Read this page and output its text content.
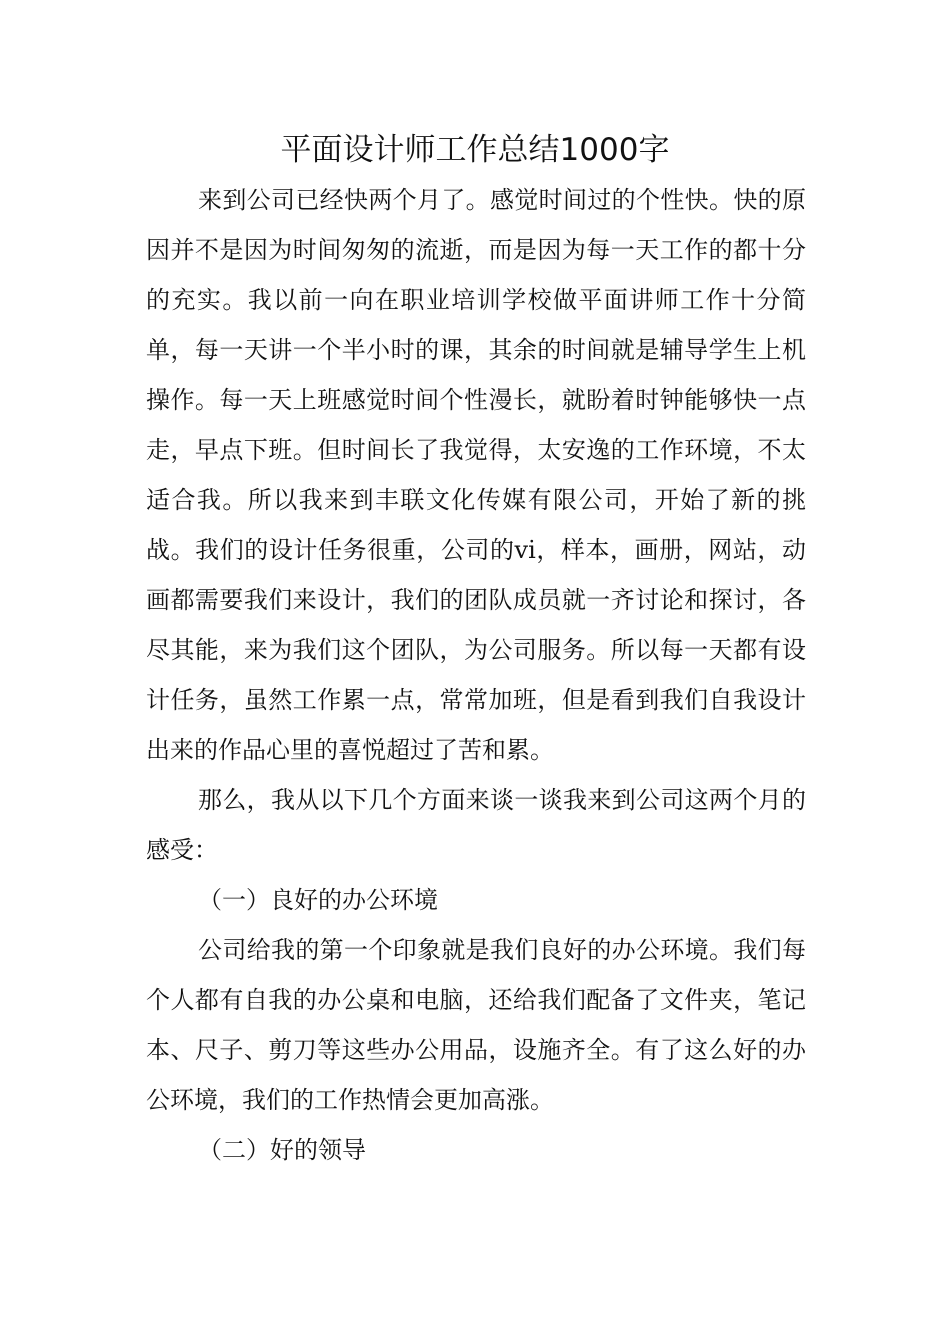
平面设计师工作总结1000字

来到公司已经快两个月了。感觉时间过的个性快。快的原因并不是因为时间匆匆的流逝，而是因为每一天工作的都十分的充实。我以前一向在职业培训学校做平面讲师工作十分简单，每一天讲一个半小时的课，其余的时间就是辅导学生上机操作。每一天上班感觉时间个性漫长，就盼着时钟能够快一点走，早点下班。但时间长了我觉得，太安逸的工作环境，不太适合我。所以我来到丰联文化传媒有限公司，开始了新的挑战。我们的设计任务很重，公司的vi，样本，画册，网站，动画都需要我们来设计，我们的团队成员就一齐讨论和探讨，各尽其能，来为我们这个团队，为公司服务。所以每一天都有设计任务，虽然工作累一点，常常加班，但是看到我们自我设计出来的作品心里的喜悦超过了苦和累。

那么，我从以下几个方面来谈一谈我来到公司这两个月的感受：

（一）良好的办公环境

公司给我的第一个印象就是我们良好的办公环境。我们每个人都有自我的办公桌和电脑，还给我们配备了文件夹，笔记本、尺子、剪刀等这些办公用品，设施齐全。有了这么好的办公环境，我们的工作热情会更加高涨。

（二）好的领导
